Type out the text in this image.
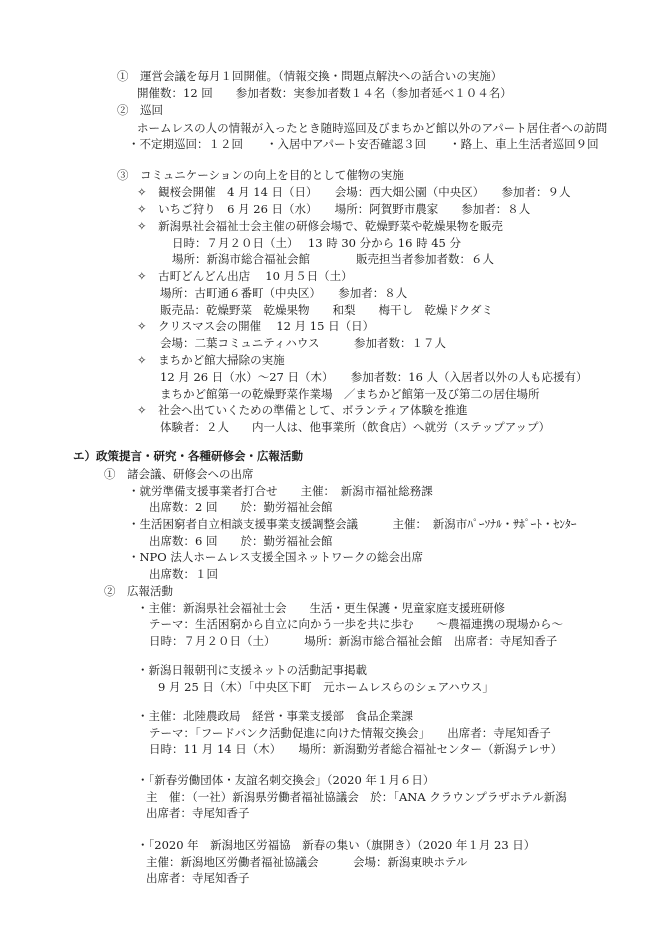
①　運営会議を毎月１回開催。（情報交換・問題点解決への話合いの実施）
開催数：12 回　　参加者数：実参加者数１４名（参加者延べ１０４名）
②　巡回
ホームレスの人の情報が入ったとき随時巡回及びまちかど館以外のアパート居住者への訪問
・不定期巡回：１２回　　・入居中アパート安否確認３回　　・路上、車上生活者巡回９回
③　コミュニケーションの向上を目的として催物の実施
✧　観桜会開催　4 月 14 日（日）　　会場：西大畑公園（中央区）　　参加者：９人
✧　いちご狩り　6 月 26 日（水）　　場所：阿賀野市農家　　参加者：８人
✧　新潟県社会福祉士会主催の研修会場で、乾燥野菜や乾燥果物を販売
日時：７月２０日（土）　 13 時 30 分から 16 時 45 分
場所：新潟市総合福祉会館　　　　販売担当者参加者数：６人
✧　古町どんどん出店　 10 月５日（土）
場所：古町通６番町（中央区）　　参加者：８人
販売品：乾燥野菜　乾燥果物　　和梨　　梅干し　乾燥ドクダミ
✧　クリスマス会の開催　 12 月 15 日（日）
会場：二葉コミュニティハウス　　　参加者数：１７人
✧　まちかど館大掃除の実施
12 月 26 日（水）〜27 日（木）　　参加者数：16 人（入居者以外の人も応援有）
まちかど館第一の乾燥野菜作業場　／まちかど館第一及び第二の居住場所
✧　社会へ出ていくための準備として、ボランティア体験を推進
体験者：２人　　内一人は、他事業所（飲食店）へ就労（ステップアップ）
エ）政策提言・研究・各種研修会・広報活動
①　諸会議、研修会への出席
・就労準備支援事業者打合せ　　主催：　新潟市福祉総務課
出席数：2 回　　於：勤労福祉会館
・生活困窮者自立相談支援事業支援調整会議　　　主催：　新潟市ﾊﾟｰｿﾅﾙ・ｻﾎﾟｰﾄ・ｾﾝﾀｰ
出席数：6 回　　於：勤労福祉会館
・NPO 法人ホームレス支援全国ネットワークの総会出席
出席数：１回
②　広報活動
・主催：新潟県社会福祉士会　　生活・更生保護・児童家庭支援班研修
テーマ：生活困窮から自立に向かう一歩を共に歩む　　〜農福連携の現場から〜
日時：７月２０日（土）　　　場所：新潟市総合福祉会館　出席者：寺尾知香子
・新潟日報朝刊に支援ネットの活動記事掲載
9 月 25 日（木）「中央区下町　元ホームレスらのシェアハウス」
・主催：北陸農政局　経営・事業支援部　食品企業課
テーマ：「フードバンク活動促進に向けた情報交換会」　　出席者：寺尾知香子
日時：11 月 14 日（木）　　場所：新潟勤労者総合福祉センター（新潟テレサ）
・「新春労働団体・友誼名刺交換会」（2020 年１月６日）
主　催：（一社）新潟県労働者福祉協議会　於：「ANA クラウンプラザホテル新潟
出席者：寺尾知香子
・「2020 年　新潟地区労福協　新春の集い（旗開き）（2020 年１月 23 日）
主催：新潟地区労働者福祉協議会　　　会場：新潟東映ホテル
出席者：寺尾知香子
